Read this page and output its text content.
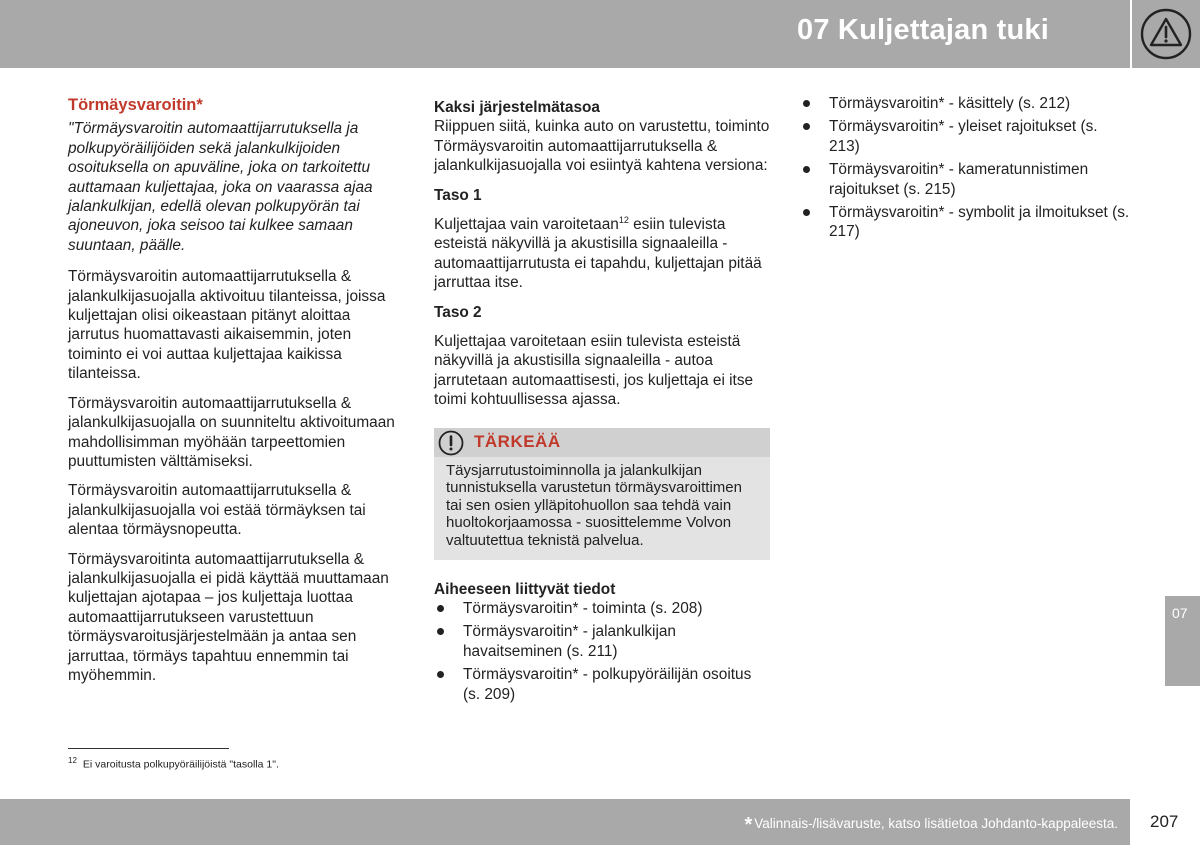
07 Kuljettajan tuki
Törmäysvaroitin*
"Törmäysvaroitin automaattijarrutuksella ja polkupyöräilijöiden sekä jalankulkijoiden osoituksella on apuväline, joka on tarkoitettu auttamaan kuljettajaa, joka on vaarassa ajaa jalankulkijan, edellä olevan polkupyörän tai ajoneuvon, joka seisoo tai kulkee samaan suuntaan, päälle.

Törmäysvaroitin automaattijarrutuksella & jalankulkijasuojalla aktivoituu tilanteissa, joissa kuljettajan olisi oikeastaan pitänyt aloittaa jarrutus huomattavasti aikaisemmin, joten toiminto ei voi auttaa kuljettajaa kaikissa tilanteissa.

Törmäysvaroitin automaattijarrutuksella & jalankulkijasuojalla on suunniteltu aktivoitumaan mahdollisimman myöhään tarpeettomien puuttumisten välttämiseksi.

Törmäysvaroitin automaattijarrutuksella & jalankulkijasuojalla voi estää törmäyksen tai alentaa törmäysnopeutta.

Törmäysvaroitinta automaattijarrutuksella & jalankulkijasuojalla ei pidä käyttää muuttamaan kuljettajan ajotapaa – jos kuljettaja luottaa automaattijarrutukseen varustettuun törmäysvaroitusjärjestelmään ja antaa sen jarruttaa, törmäys tapahtuu ennemmin tai myöhemmin.

Kaksi järjestelmätasoa

Riippuen siitä, kuinka auto on varustettu, toiminto Törmäysvaroitin automaattijarrutuksella & jalankulkijasuojalla voi esiintyä kahtena versiona:

Taso 1

Kuljettajaa vain varoitetaan$^{12}$ esiin tulevista esteistä näkyvillä ja akustisilla signaaleilla - automaattijarrutusta ei tapahdu, kuljettajan pitää jarruttaa itse.

Taso 2

Kuljettajaa varoitetaan esiin tulevista esteistä näkyvillä ja akustisilla signaaleilla - autoa jarrutetaan automaattisesti, jos kuljettaja ei itse toimi kohtuullisessa ajassa.

TÄRKEÄÄ
Täysjarrutustoiminnolla ja jalankulkijan tunnistuksella varustetun törmäysvaroittimen tai sen osien ylläpitohuollon saa tehdä vain huoltokorjaamossa - suosittelemme Volvon valtuutettua teknistä palvelua.
Aiheeseen liittyvät tiedot
Törmäysvaroitin* - toiminta (s. 208)
Törmäysvaroitin* - jalankulkijan havaitseminen (s. 211)
Törmäysvaroitin* - polkupyöräilijän osoitus (s. 209)
Törmäysvaroitin* - käsittely (s. 212)
Törmäysvaroitin* - yleiset rajoitukset (s. 213)
Törmäysvaroitin* - kameratunnistimen rajoitukset (s. 215)
Törmäysvaroitin* - symbolit ja ilmoitukset (s. 217)
$^{12}$ Ei varoitusta polkupyöräilijöistä "tasolla 1".
07
* Valinnais-/lisävaruste, katso lisätietoa Johdanto-kappaleesta. 207
